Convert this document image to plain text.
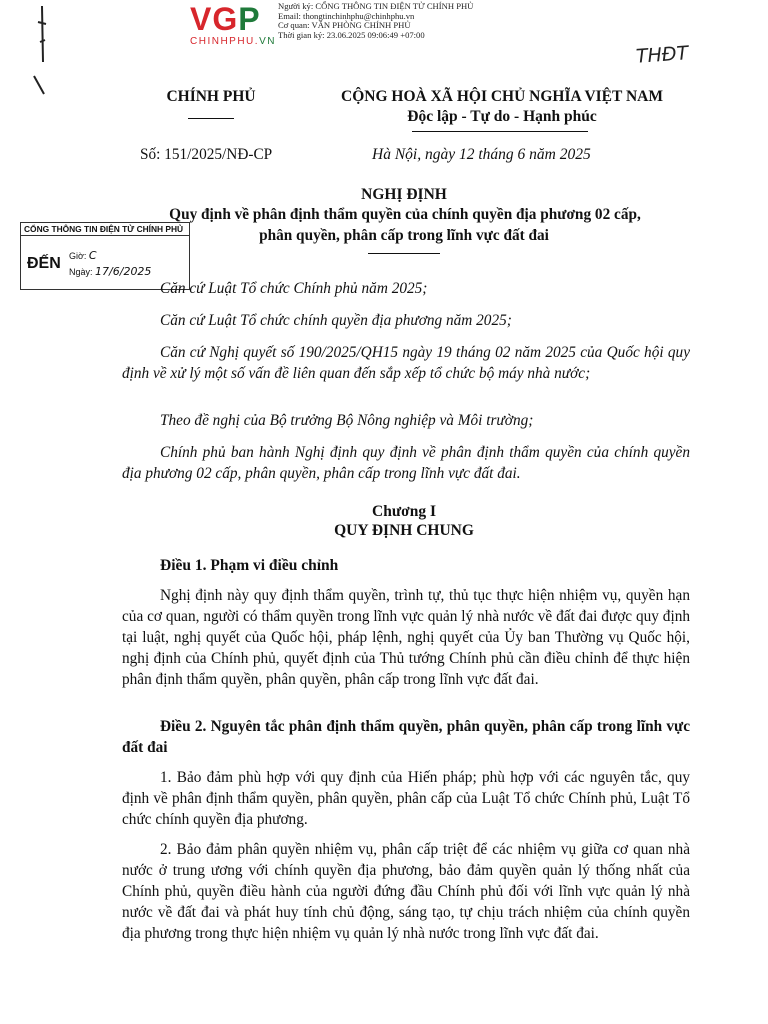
VGP
CHINHPHU.VN
Người ký: CỔNG THÔNG TIN ĐIỆN TỬ CHÍNH PHỦ
Email: thongtinchinhphu@chinhphu.vn
Cơ quan: VĂN PHÒNG CHÍNH PHỦ
Thời gian ký: 23.06.2025 09:06:49 +07:00
THĐT
CHÍNH PHỦ	CỘNG HOÀ XÃ HỘI CHỦ NGHĨA VIỆT NAM
Độc lập - Tự do - Hạnh phúc
Số: 151/2025/NĐ-CP	Hà Nội, ngày 12 tháng 6 năm 2025
NGHỊ ĐỊNH
Quy định về phân định thẩm quyền của chính quyền địa phương 02 cấp,
phân quyền, phân cấp trong lĩnh vực đất đai
CỔNG THÔNG TIN ĐIỆN TỬ CHÍNH PHỦ
ĐẾN Giờ: C
Ngày: 17/6/2025
Căn cứ Luật Tổ chức Chính phủ năm 2025;
Căn cứ Luật Tổ chức chính quyền địa phương năm 2025;
Căn cứ Nghị quyết số 190/2025/QH15 ngày 19 tháng 02 năm 2025 của Quốc hội quy định về xử lý một số vấn đề liên quan đến sắp xếp tổ chức bộ máy nhà nước;
Theo đề nghị của Bộ trưởng Bộ Nông nghiệp và Môi trường;
Chính phủ ban hành Nghị định quy định về phân định thẩm quyền của chính quyền địa phương 02 cấp, phân quyền, phân cấp trong lĩnh vực đất đai.
Chương I
QUY ĐỊNH CHUNG
Điều 1. Phạm vi điều chỉnh
Nghị định này quy định thẩm quyền, trình tự, thủ tục thực hiện nhiệm vụ, quyền hạn của cơ quan, người có thẩm quyền trong lĩnh vực quản lý nhà nước về đất đai được quy định tại luật, nghị quyết của Quốc hội, pháp lệnh, nghị quyết của Ủy ban Thường vụ Quốc hội, nghị định của Chính phủ, quyết định của Thủ tướng Chính phủ cần điều chỉnh để thực hiện phân định thẩm quyền, phân quyền, phân cấp trong lĩnh vực đất đai.
Điều 2. Nguyên tắc phân định thẩm quyền, phân quyền, phân cấp trong lĩnh vực đất đai
1. Bảo đảm phù hợp với quy định của Hiến pháp; phù hợp với các nguyên tắc, quy định về phân định thẩm quyền, phân quyền, phân cấp của Luật Tổ chức Chính phủ, Luật Tổ chức chính quyền địa phương.
2. Bảo đảm phân quyền nhiệm vụ, phân cấp triệt để các nhiệm vụ giữa cơ quan nhà nước ở trung ương với chính quyền địa phương, bảo đảm quyền quản lý thống nhất của Chính phủ, quyền điều hành của người đứng đầu Chính phủ đối với lĩnh vực quản lý nhà nước về đất đai và phát huy tính chủ động, sáng tạo, tự chịu trách nhiệm của chính quyền địa phương trong thực hiện nhiệm vụ quản lý nhà nước trong lĩnh vực đất đai.
